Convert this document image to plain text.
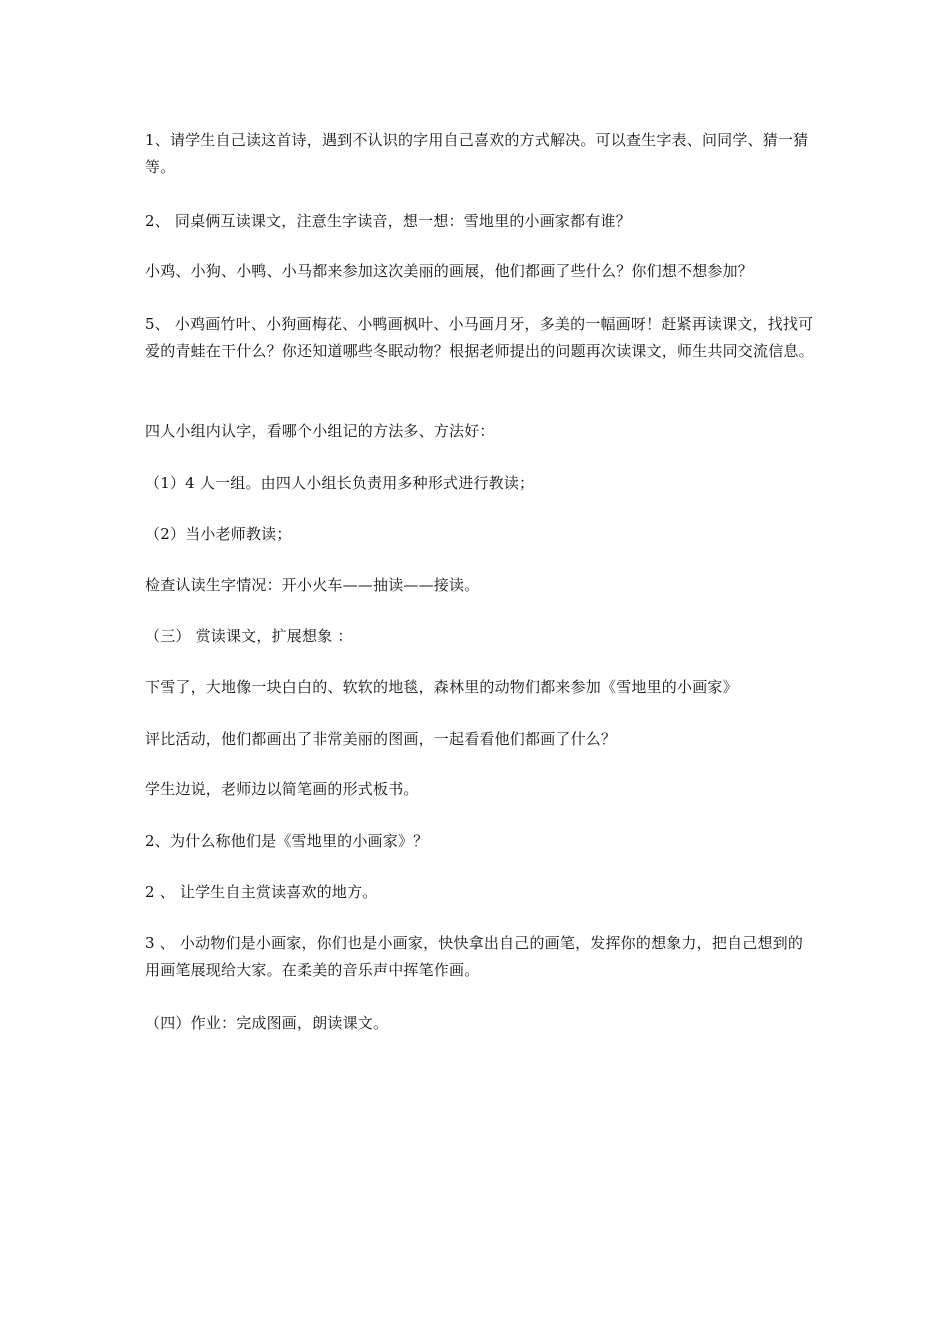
1、请学生自己读这首诗，遇到不认识的字用自己喜欢的方式解决。可以查生字表、问同学、猜一猜等。

2、 同桌俩互读课文，注意生字读音，想一想：雪地里的小画家都有谁？

小鸡、小狗、小鸭、小马都来参加这次美丽的画展，他们都画了些什么？你们想不想参加？

5、 小鸡画竹叶、小狗画梅花、小鸭画枫叶、小马画月牙，多美的一幅画呀！赶紧再读课文，找找可爱的青蛙在干什么？你还知道哪些冬眠动物？根据老师提出的问题再次读课文，师生共同交流信息。

四人小组内认字，看哪个小组记的方法多、方法好：

（1）4 人一组。由四人小组长负责用多种形式进行教读；

（2）当小老师教读；

检查认读生字情况：开小火车——抽读——接读。

（三） 赏读课文，扩展想象 ：

下雪了，大地像一块白白的、软软的地毯，森林里的动物们都来参加《雪地里的小画家》

评比活动，他们都画出了非常美丽的图画，一起看看他们都画了什么？

学生边说，老师边以简笔画的形式板书。

2、为什么称他们是《雪地里的小画家》？

2 、 让学生自主赏读喜欢的地方。

3 、 小动物们是小画家，你们也是小画家，快快拿出自己的画笔，发挥你的想象力，把自己想到的用画笔展现给大家。在柔美的音乐声中挥笔作画。

（四）作业：完成图画，朗读课文。
